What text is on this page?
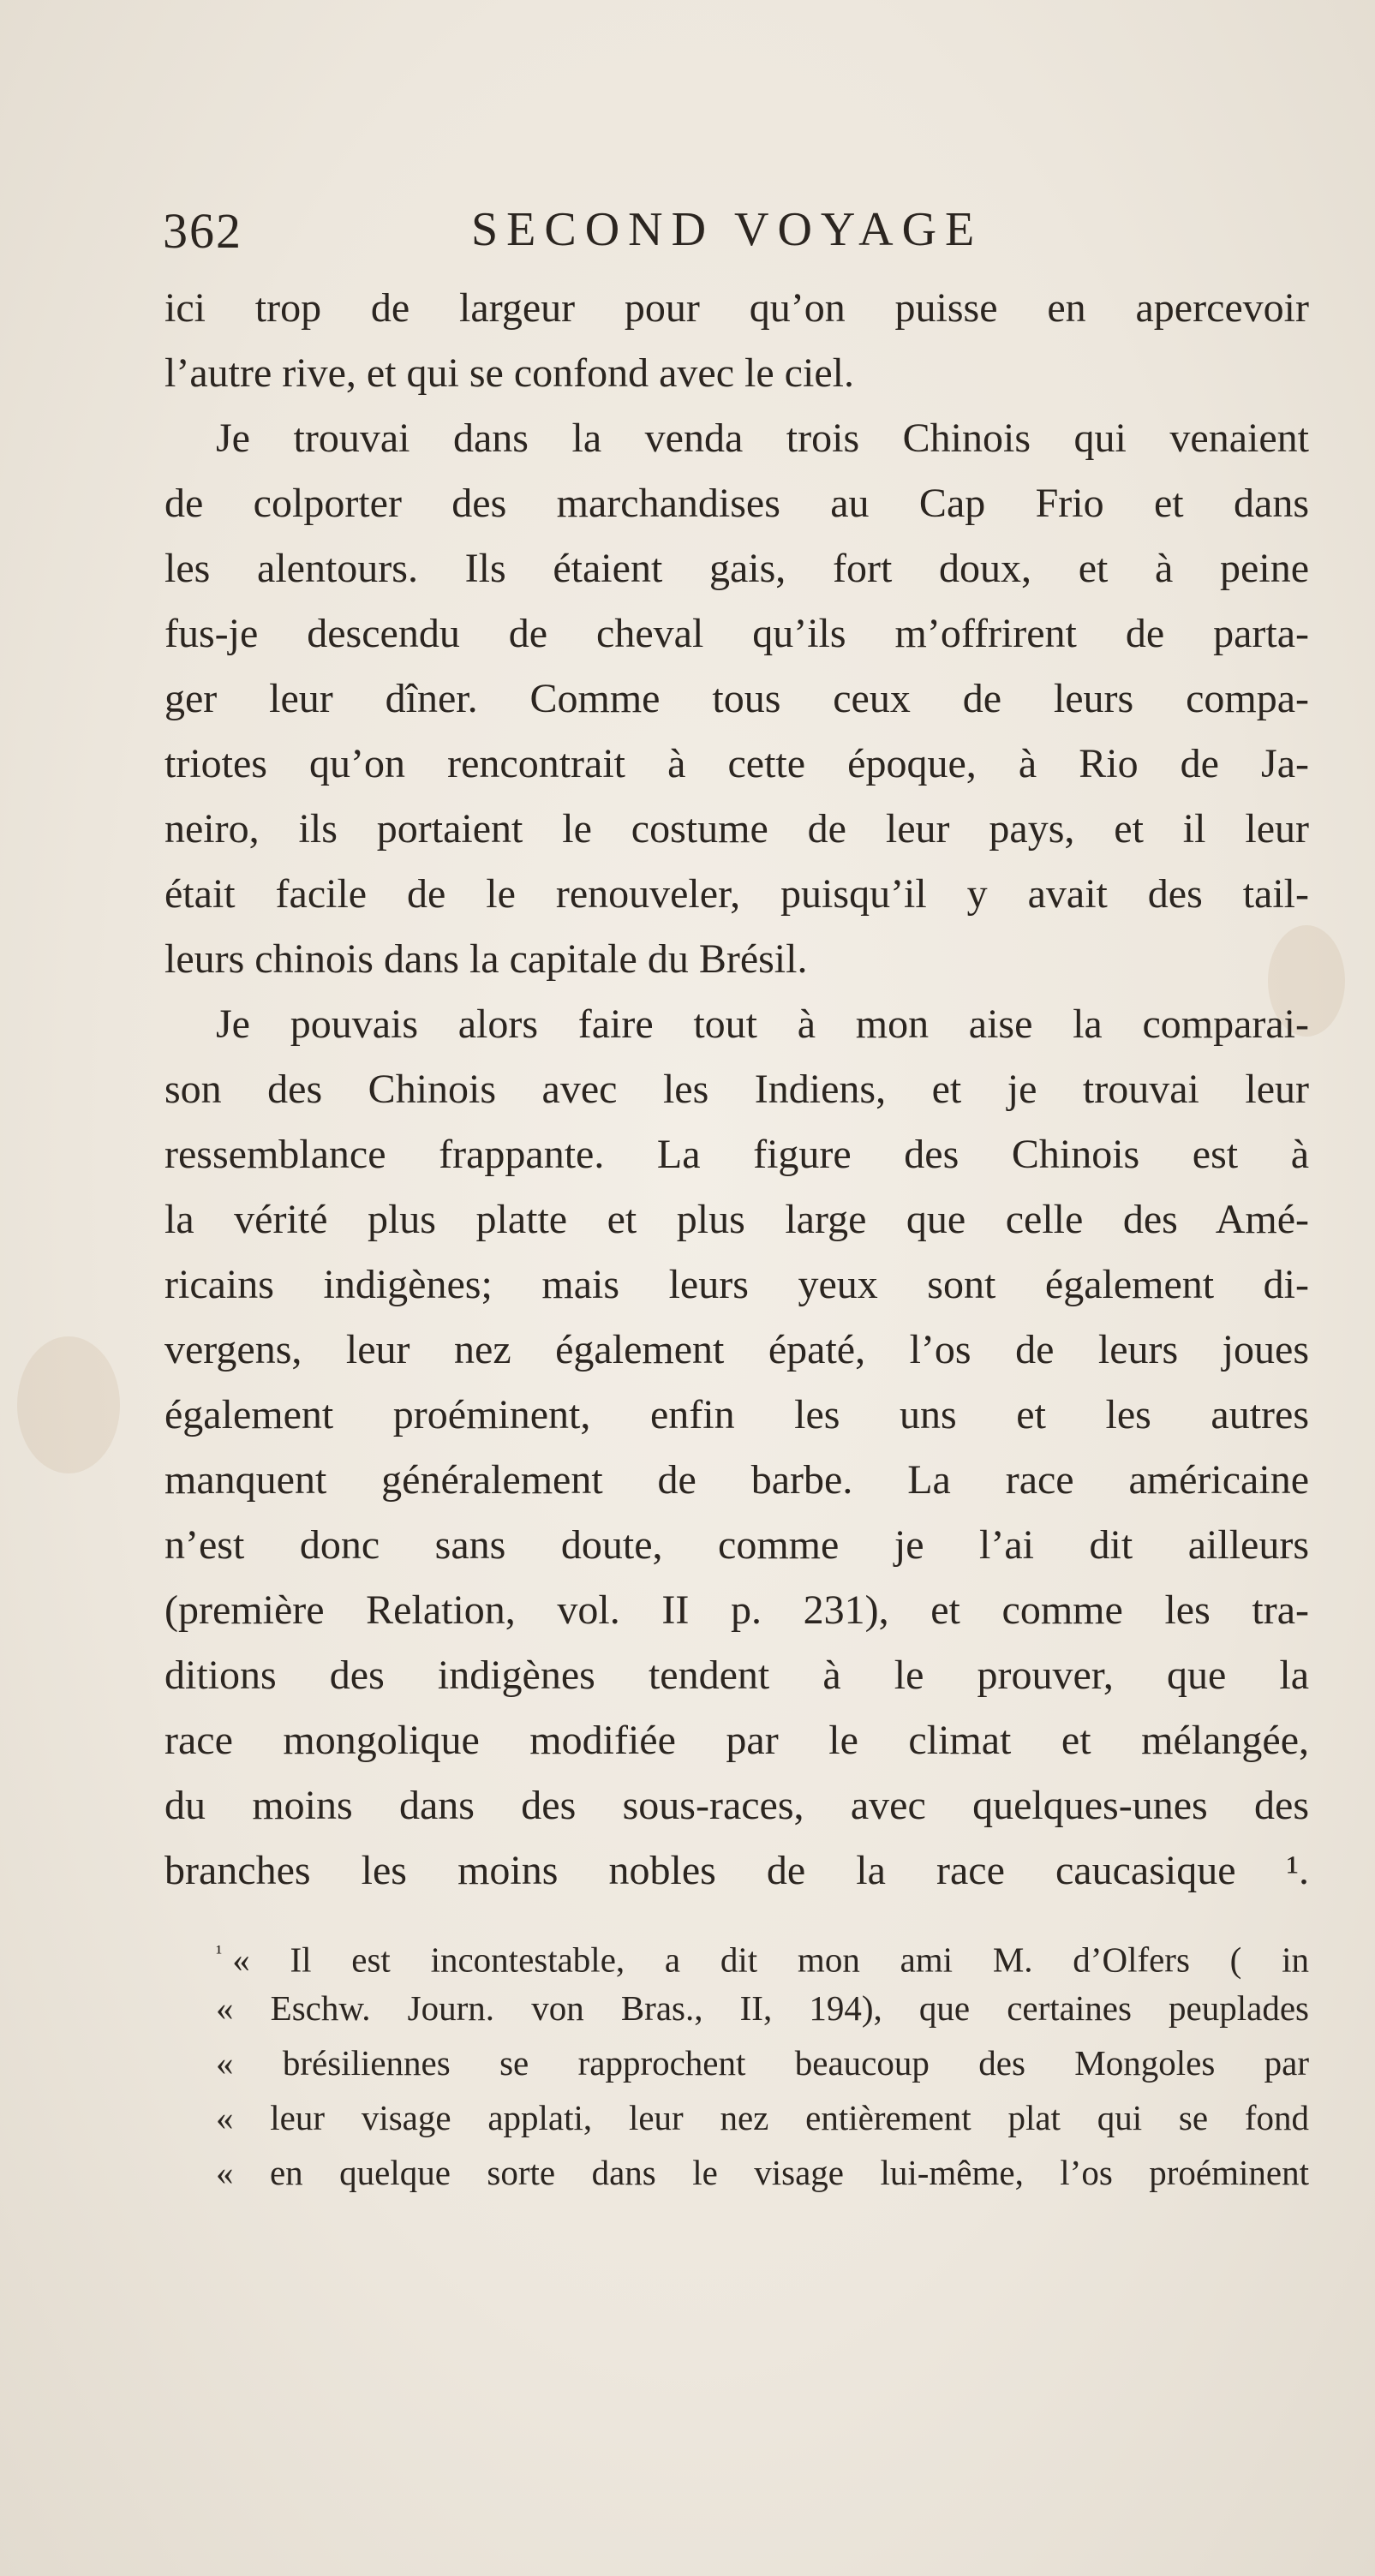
362	SECOND VOYAGE
ici trop de largeur pour qu’on puisse en apercevoir
l’autre rive, et qui se confond avec le ciel.
Je trouvai dans la venda trois Chinois qui venaient
de colporter des marchandises au Cap Frio et dans
les alentours. Ils étaient gais, fort doux, et à peine
fus-je descendu de cheval qu’ils m’offrirent de parta-
ger leur dîner. Comme tous ceux de leurs compa-
triotes qu’on rencontrait à cette époque, à Rio de Ja-
neiro, ils portaient le costume de leur pays, et il leur
était facile de le renouveler, puisqu’il y avait des tail-
leurs chinois dans la capitale du Brésil.
Je pouvais alors faire tout à mon aise la comparai-
son des Chinois avec les Indiens, et je trouvai leur
ressemblance frappante. La figure des Chinois est à
la vérité plus platte et plus large que celle des Amé-
ricains indigènes; mais leurs yeux sont également di-
vergens, leur nez également épaté, l’os de leurs joues
également proéminent, enfin les uns et les autres
manquent généralement de barbe. La race américaine
n’est donc sans doute, comme je l’ai dit ailleurs
(première Relation, vol. II p. 231), et comme les tra-
ditions des indigènes tendent à le prouver, que la
race mongolique modifiée par le climat et mélangée,
du moins dans des sous-races, avec quelques-unes des
branches les moins nobles de la race caucasique ¹.
$^{^1}$ « Il est incontestable, a dit mon ami M. d’Olfers ( in
« Eschw. Journ. von Bras., II, 194), que certaines peuplades
« brésiliennes se rapprochent beaucoup des Mongoles par
« leur visage applati, leur nez entièrement plat qui se fond
« en quelque sorte dans le visage lui-même, l’os proéminent
